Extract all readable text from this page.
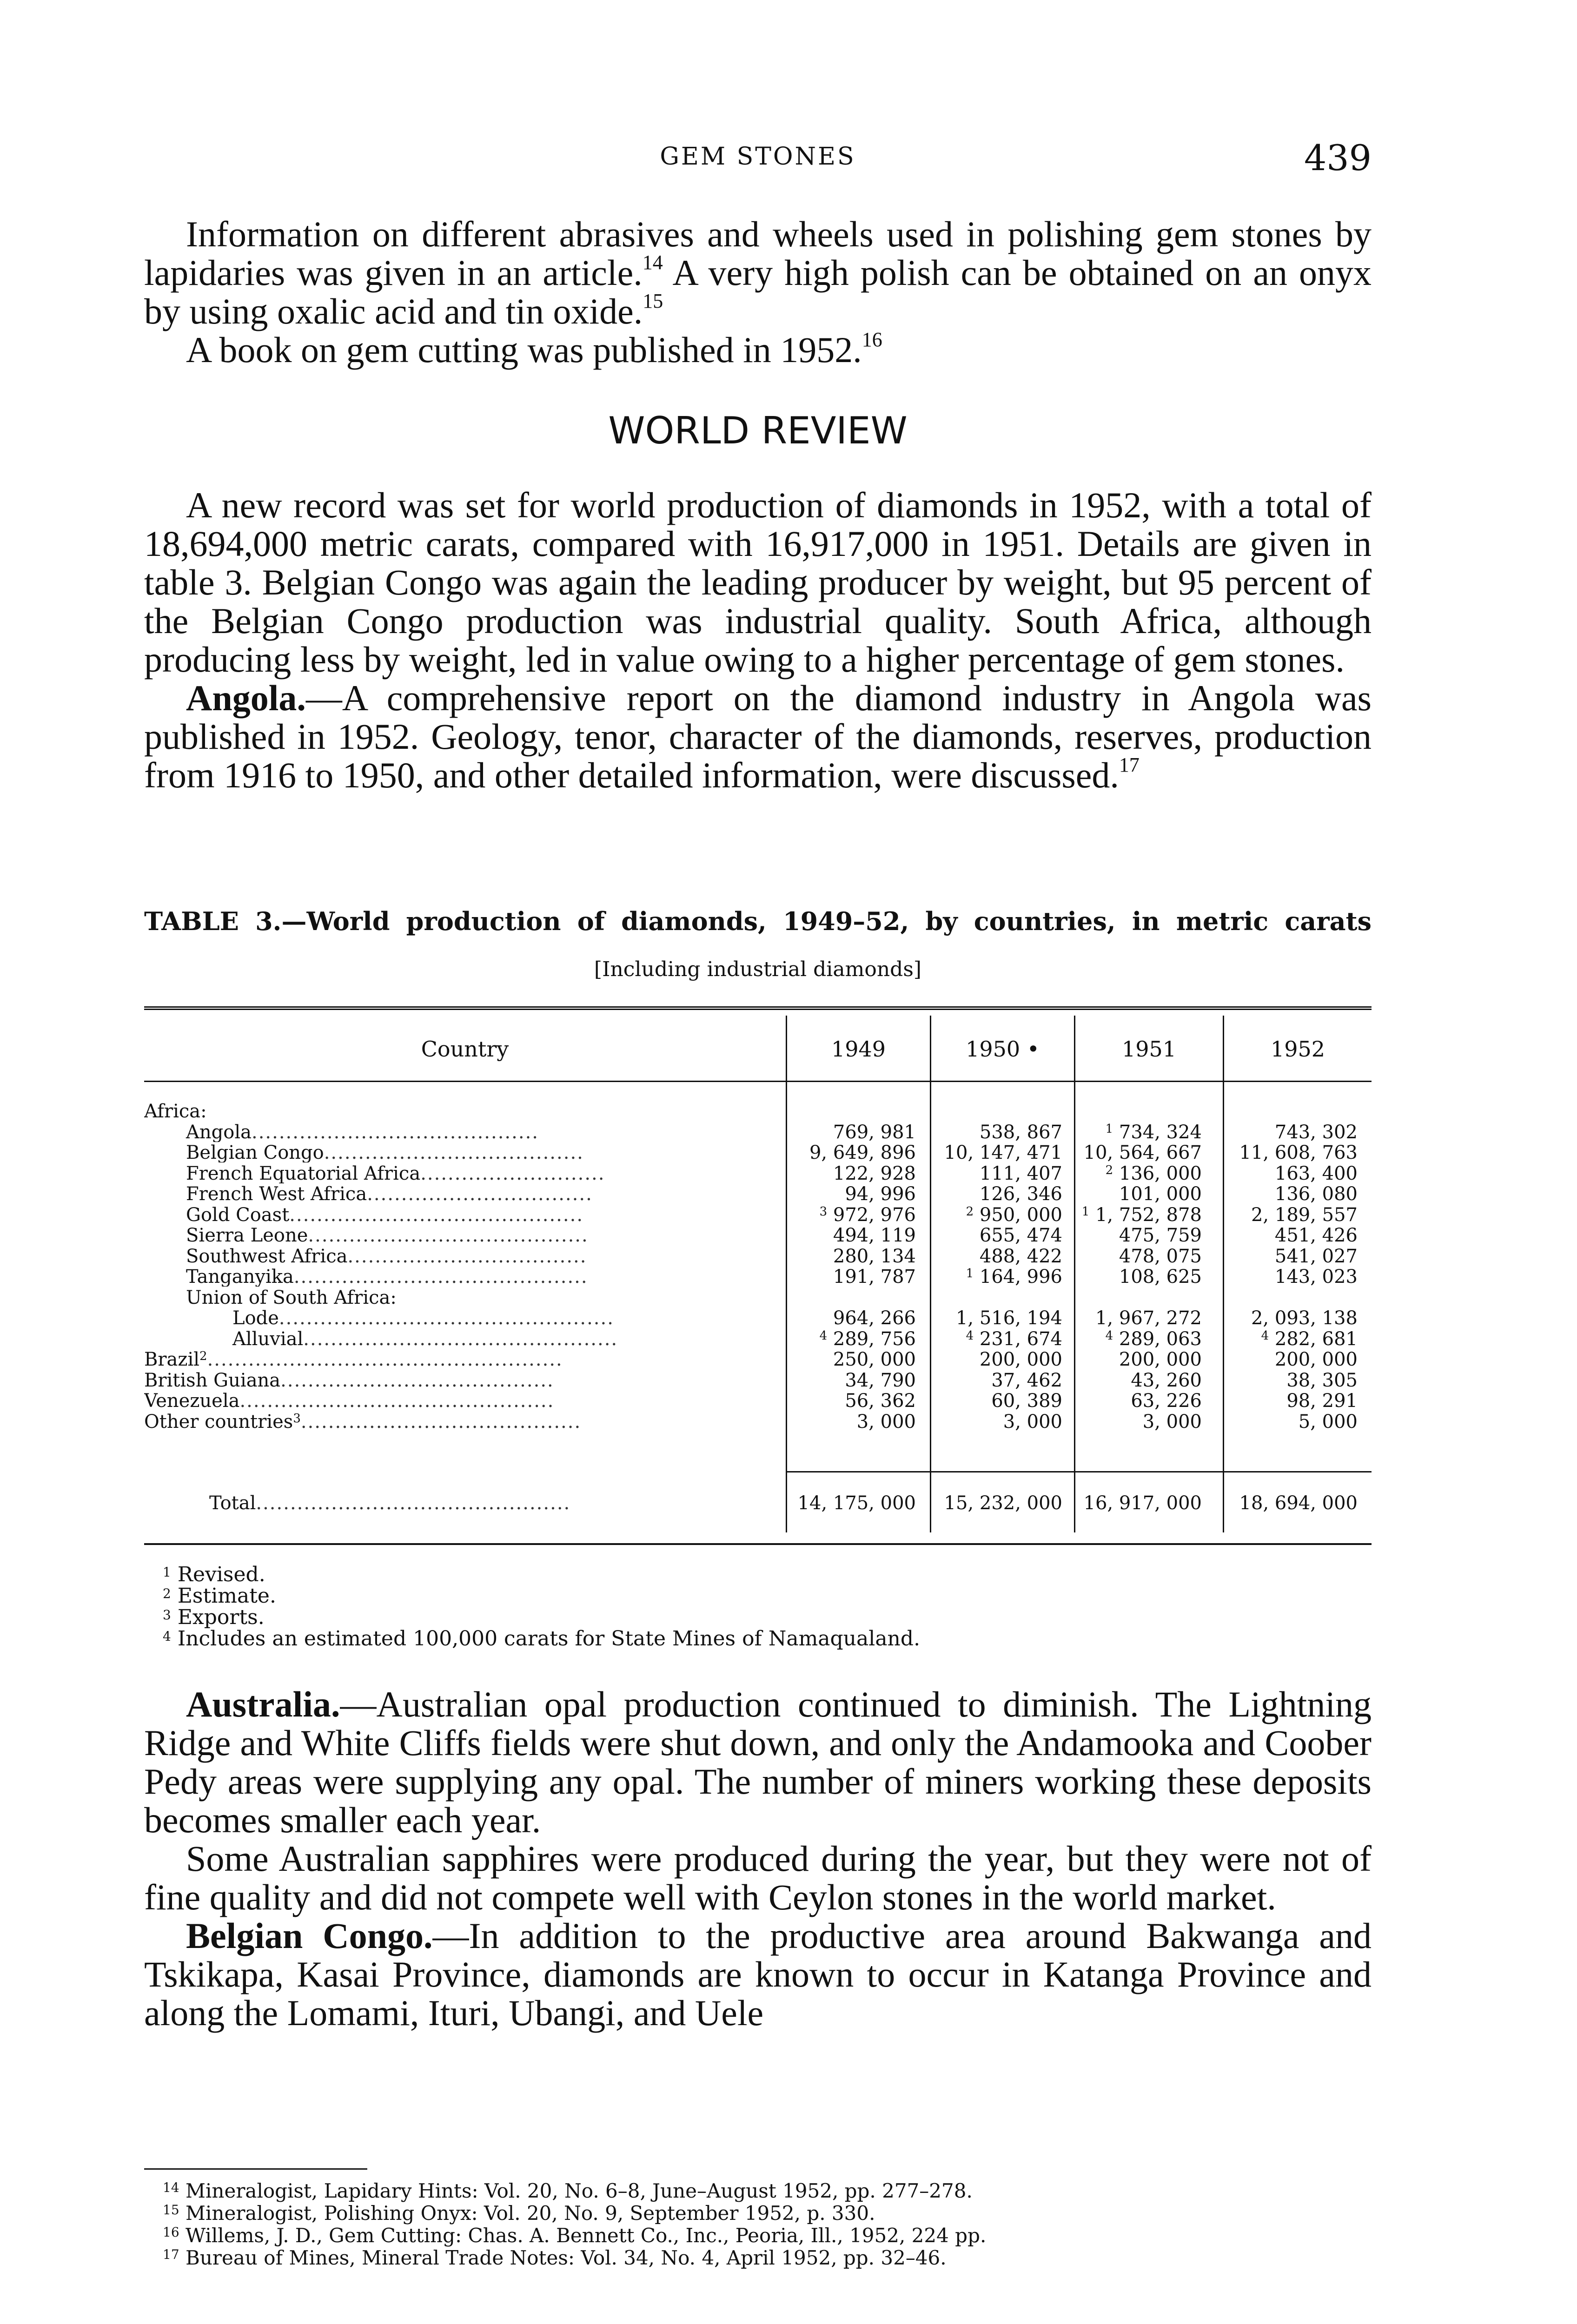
GEM STONES	439

Information on different abrasives and wheels used in polishing gem stones by lapidaries was given in an article.$^{14}$ A very high polish can be obtained on an onyx by using oxalic acid and tin oxide.$^{15}$

A book on gem cutting was published in 1952.16

WORLD REVIEW

A new record was set for world production of diamonds in 1952, with a total of 18,694,000 metric carats, compared with 16,917,000 in 1951. Details are given in table 3. Belgian Congo was again the leading producer by weight, but 95 percent of the Belgian Congo production was industrial quality. South Africa, although producing less by weight, led in value owing to a higher percentage of gem stones.

Angola.—A comprehensive report on the diamond industry in Angola was published in 1952. Geology, tenor, character of the diamonds, reserves, production from 1916 to 1950, and other detailed information, were discussed.$^{17}$

TABLE 3.—World production of diamonds, 1949–52, by countries, in metric carats

[Including industrial diamonds]

Country	1949	1950 •	1951	1952
Africa:
Angola..........................................	769, 981	538, 867	$^1$ 734, 324	743, 302
Belgian Congo......................................	9, 649, 896	10, 147, 471	10, 564, 667	11, 608, 763
French Equatorial Africa...........................	122, 928	111, 407	$^2$ 136, 000	163, 400
French West Africa.................................	94, 996	126, 346	101, 000	136, 080
Gold Coast...........................................	$^3$ 972, 976	$^2$ 950, 000	$^1$ 1, 752, 878	2, 189, 557
Sierra Leone.........................................	494, 119	655, 474	475, 759	451, 426
Southwest Africa...................................	280, 134	488, 422	478, 075	541, 027
Tanganyika...........................................	191, 787	$^1$ 164, 996	108, 625	143, 023
Union of South Africa:
Lode.................................................	964, 266	1, 516, 194	1, 967, 272	2, 093, 138
Alluvial..............................................	$^4$ 289, 756	$^4$ 231, 674	$^4$ 289, 063	$^4$ 282, 681
Brazil$^2$....................................................	250, 000	200, 000	200, 000	200, 000
British Guiana........................................	34, 790	37, 462	43, 260	38, 305
Venezuela..............................................	56, 362	60, 389	63, 226	98, 291
Other countries$^3$.........................................	3, 000	3, 000	3, 000	5, 000
Total..............................................	14, 175, 000	15, 232, 000	16, 917, 000	18, 694, 000
$^1$ Revised.
$^2$ Estimate.
$^3$ Exports.
$^4$ Includes an estimated 100,000 carats for State Mines of Namaqualand.

Australia.—Australian opal production continued to diminish. The Lightning Ridge and White Cliffs fields were shut down, and only the Andamooka and Coober Pedy areas were supplying any opal. The number of miners working these deposits becomes smaller each year.

Some Australian sapphires were produced during the year, but they were not of fine quality and did not compete well with Ceylon stones in the world market.

Belgian Congo.—In addition to the productive area around Bakwanga and Tskikapa, Kasai Province, diamonds are known to occur in Katanga Province and along the Lomami, Ituri, Ubangi, and Uele

$^{14}$ Mineralogist, Lapidary Hints: Vol. 20, No. 6–8, June–August 1952, pp. 277–278.
$^{15}$ Mineralogist, Polishing Onyx: Vol. 20, No. 9, September 1952, p. 330.
$^{16}$ Willems, J. D., Gem Cutting: Chas. A. Bennett Co., Inc., Peoria, Ill., 1952, 224 pp.
$^{17}$ Bureau of Mines, Mineral Trade Notes: Vol. 34, No. 4, April 1952, pp. 32–46.
